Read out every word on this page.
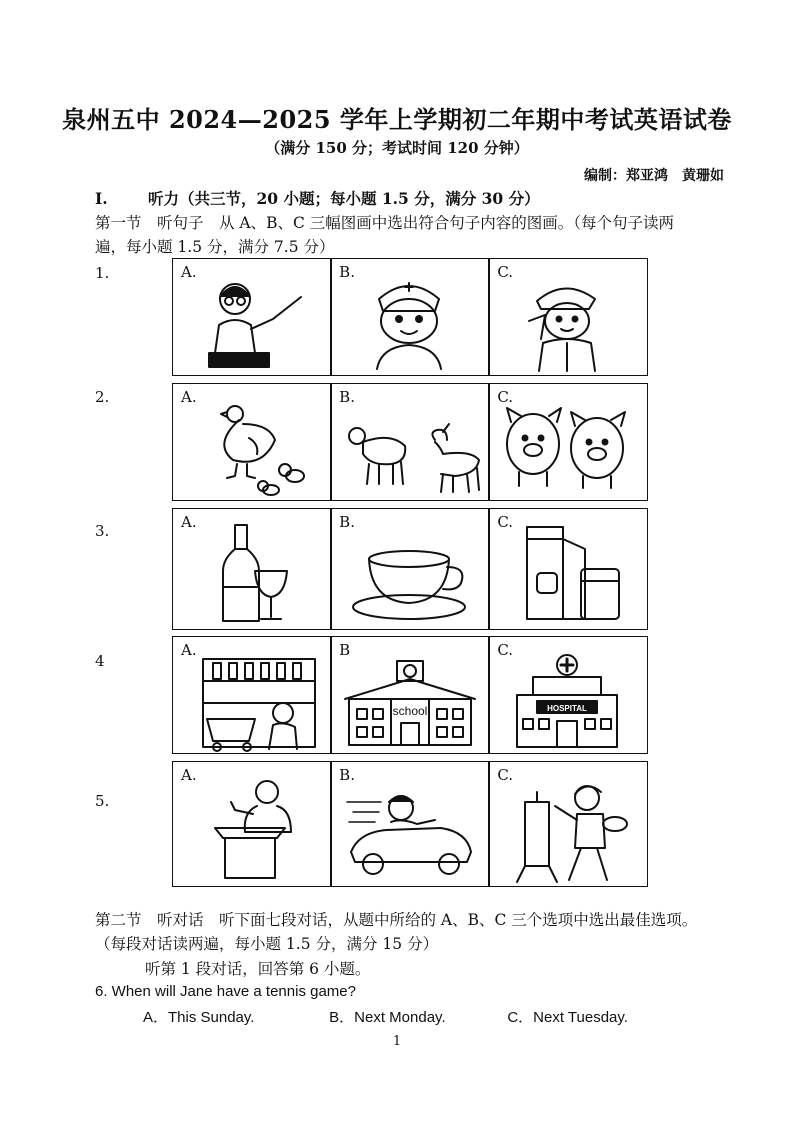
泉州五中 2024—2025 学年上学期初二年期中考试英语试卷
（满分 150 分；考试时间 120 分钟）
编制：郑亚鸿　黄珊如
I.	听力（共三节，20 小题；每小题 1.5 分，满分 30 分）
第一节　听句子　从 A、B、C 三幅图画中选出符合句子内容的图画。（每个句子读两
遍，每小题 1.5 分，满分 7.5 分）
1.
2.
3.
4
5.
A.	B.	C.
A.	B.	C.
A.	B.	C.
A.	B
school
C.
HOSPITAL
A.	B.	C.
第二节　听对话　听下面七段对话，从题中所给的 A、B、C 三个选项中选出最佳选项。
（每段对话读两遍，每小题 1.5 分，满分 15 分）
听第 1 段对话，回答第 6 小题。
6. When will Jane have a tennis game?
A．This Sunday.	B．Next Monday.	C．Next Tuesday.
1
